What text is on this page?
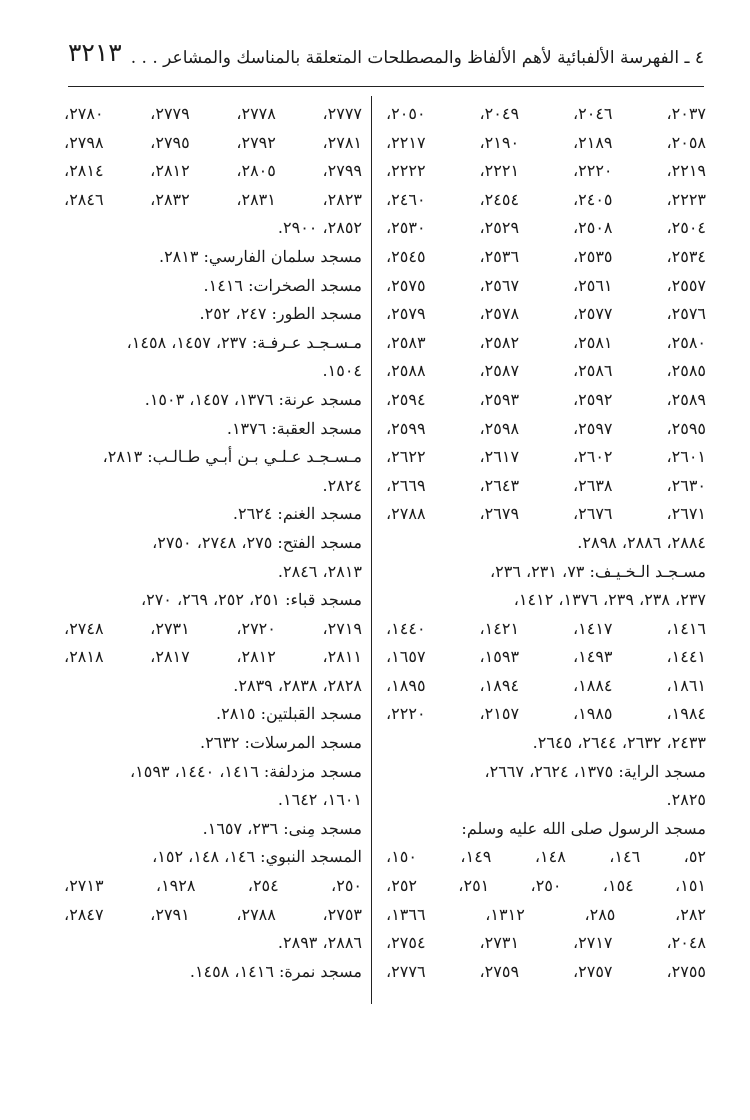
٤ ـ الفهرسة الألفبائية لأهم الألفاظ والمصطلحات المتعلقة بالمناسك والمشاعر . . .
٣٢١٣
٢٠٣٧،
٢٠٤٦،
٢٠٤٩،
٢٠٥٠،
٢٠٥٨،
٢١٨٩،
٢١٩٠،
٢٢١٧،
٢٢١٩،
٢٢٢٠،
٢٢٢١،
٢٢٢٢،
٢٢٢٣،
٢٤٠٥،
٢٤٥٤،
٢٤٦٠،
٢٥٠٤،
٢٥٠٨،
٢٥٢٩،
٢٥٣٠،
٢٥٣٤،
٢٥٣٥،
٢٥٣٦،
٢٥٤٥،
٢٥٥٧،
٢٥٦١،
٢٥٦٧،
٢٥٧٥،
٢٥٧٦،
٢٥٧٧،
٢٥٧٨،
٢٥٧٩،
٢٥٨٠،
٢٥٨١،
٢٥٨٢،
٢٥٨٣،
٢٥٨٥،
٢٥٨٦،
٢٥٨٧،
٢٥٨٨،
٢٥٨٩،
٢٥٩٢،
٢٥٩٣،
٢٥٩٤،
٢٥٩٥،
٢٥٩٧،
٢٥٩٨،
٢٥٩٩،
٢٦٠١،
٢٦٠٢،
٢٦١٧،
٢٦٢٢،
٢٦٣٠،
٢٦٣٨،
٢٦٤٣،
٢٦٦٩،
٢٦٧١،
٢٦٧٦،
٢٦٧٩،
٢٧٨٨،
٢٨٨٤، ٢٨٨٦، ٢٨٩٨.
مسـجـد الـخـيـف: ٧٣، ٢٣١، ٢٣٦،
٢٣٧، ٢٣٨، ٢٣٩، ١٣٧٦، ١٤١٢،
١٤١٦،
١٤١٧،
١٤٢١،
١٤٤٠،
١٤٤١،
١٤٩٣،
١٥٩٣،
١٦٥٧،
١٨٦١،
١٨٨٤،
١٨٩٤،
١٨٩٥،
١٩٨٤،
١٩٨٥،
٢١٥٧،
٢٢٢٠،
٢٤٣٣، ٢٦٣٢، ٢٦٤٤، ٢٦٤٥.
مسجد الراية: ١٣٧٥، ٢٦٢٤، ٢٦٦٧،
٢٨٢٥.
مسجد الرسول صلى الله عليه وسلم:
٥٢،
١٤٦،
١٤٨،
١٤٩،
١٥٠،
١٥١،
١٥٤،
٢٥٠،
٢٥١،
٢٥٢،
٢٨٢،
٢٨٥،
١٣١٢،
١٣٦٦،
٢٠٤٨،
٢٧١٧،
٢٧٣١،
٢٧٥٤،
٢٧٥٥،
٢٧٥٧،
٢٧٥٩،
٢٧٧٦،
٢٧٧٧،
٢٧٧٨،
٢٧٧٩،
٢٧٨٠،
٢٧٨١،
٢٧٩٢،
٢٧٩٥،
٢٧٩٨،
٢٧٩٩،
٢٨٠٥،
٢٨١٢،
٢٨١٤،
٢٨٢٣،
٢٨٣١،
٢٨٣٢،
٢٨٤٦،
٢٨٥٢، ٢٩٠٠.
مسجد سلمان الفارسي: ٢٨١٣.
مسجد الصخرات: ١٤١٦.
مسجد الطور: ٢٤٧، ٢٥٢.
مـسـجـد عـرفـة: ٢٣٧، ١٤٥٧، ١٤٥٨،
١٥٠٤.
مسجد عرنة: ١٣٧٦، ١٤٥٧، ١٥٠٣.
مسجد العقبة: ١٣٧٦.
مـسـجـد عـلـي بـن أبـي طـالـب: ٢٨١٣،
٢٨٢٤.
مسجد الغنم: ٢٦٢٤.
مسجد الفتح: ٢٧٥، ٢٧٤٨، ٢٧٥٠،
٢٨١٣، ٢٨٤٦.
مسجد قباء: ٢٥١، ٢٥٢، ٢٦٩، ٢٧٠،
٢٧١٩،
٢٧٢٠،
٢٧٣١،
٢٧٤٨،
٢٨١١،
٢٨١٢،
٢٨١٧،
٢٨١٨،
٢٨٢٨، ٢٨٣٨، ٢٨٣٩.
مسجد القبلتين: ٢٨١٥.
مسجد المرسلات: ٢٦٣٢.
مسجد مزدلفة: ١٤١٦، ١٤٤٠، ١٥٩٣،
١٦٠١، ١٦٤٢.
مسجد مِنى: ٢٣٦، ١٦٥٧.
المسجد النبوي: ١٤٦، ١٤٨، ١٥٢،
٢٥٠،
٢٥٤،
١٩٢٨،
٢٧١٣،
٢٧٥٣،
٢٧٨٨،
٢٧٩١،
٢٨٤٧،
٢٨٨٦، ٢٨٩٣.
مسجد نمرة: ١٤١٦، ١٤٥٨.
